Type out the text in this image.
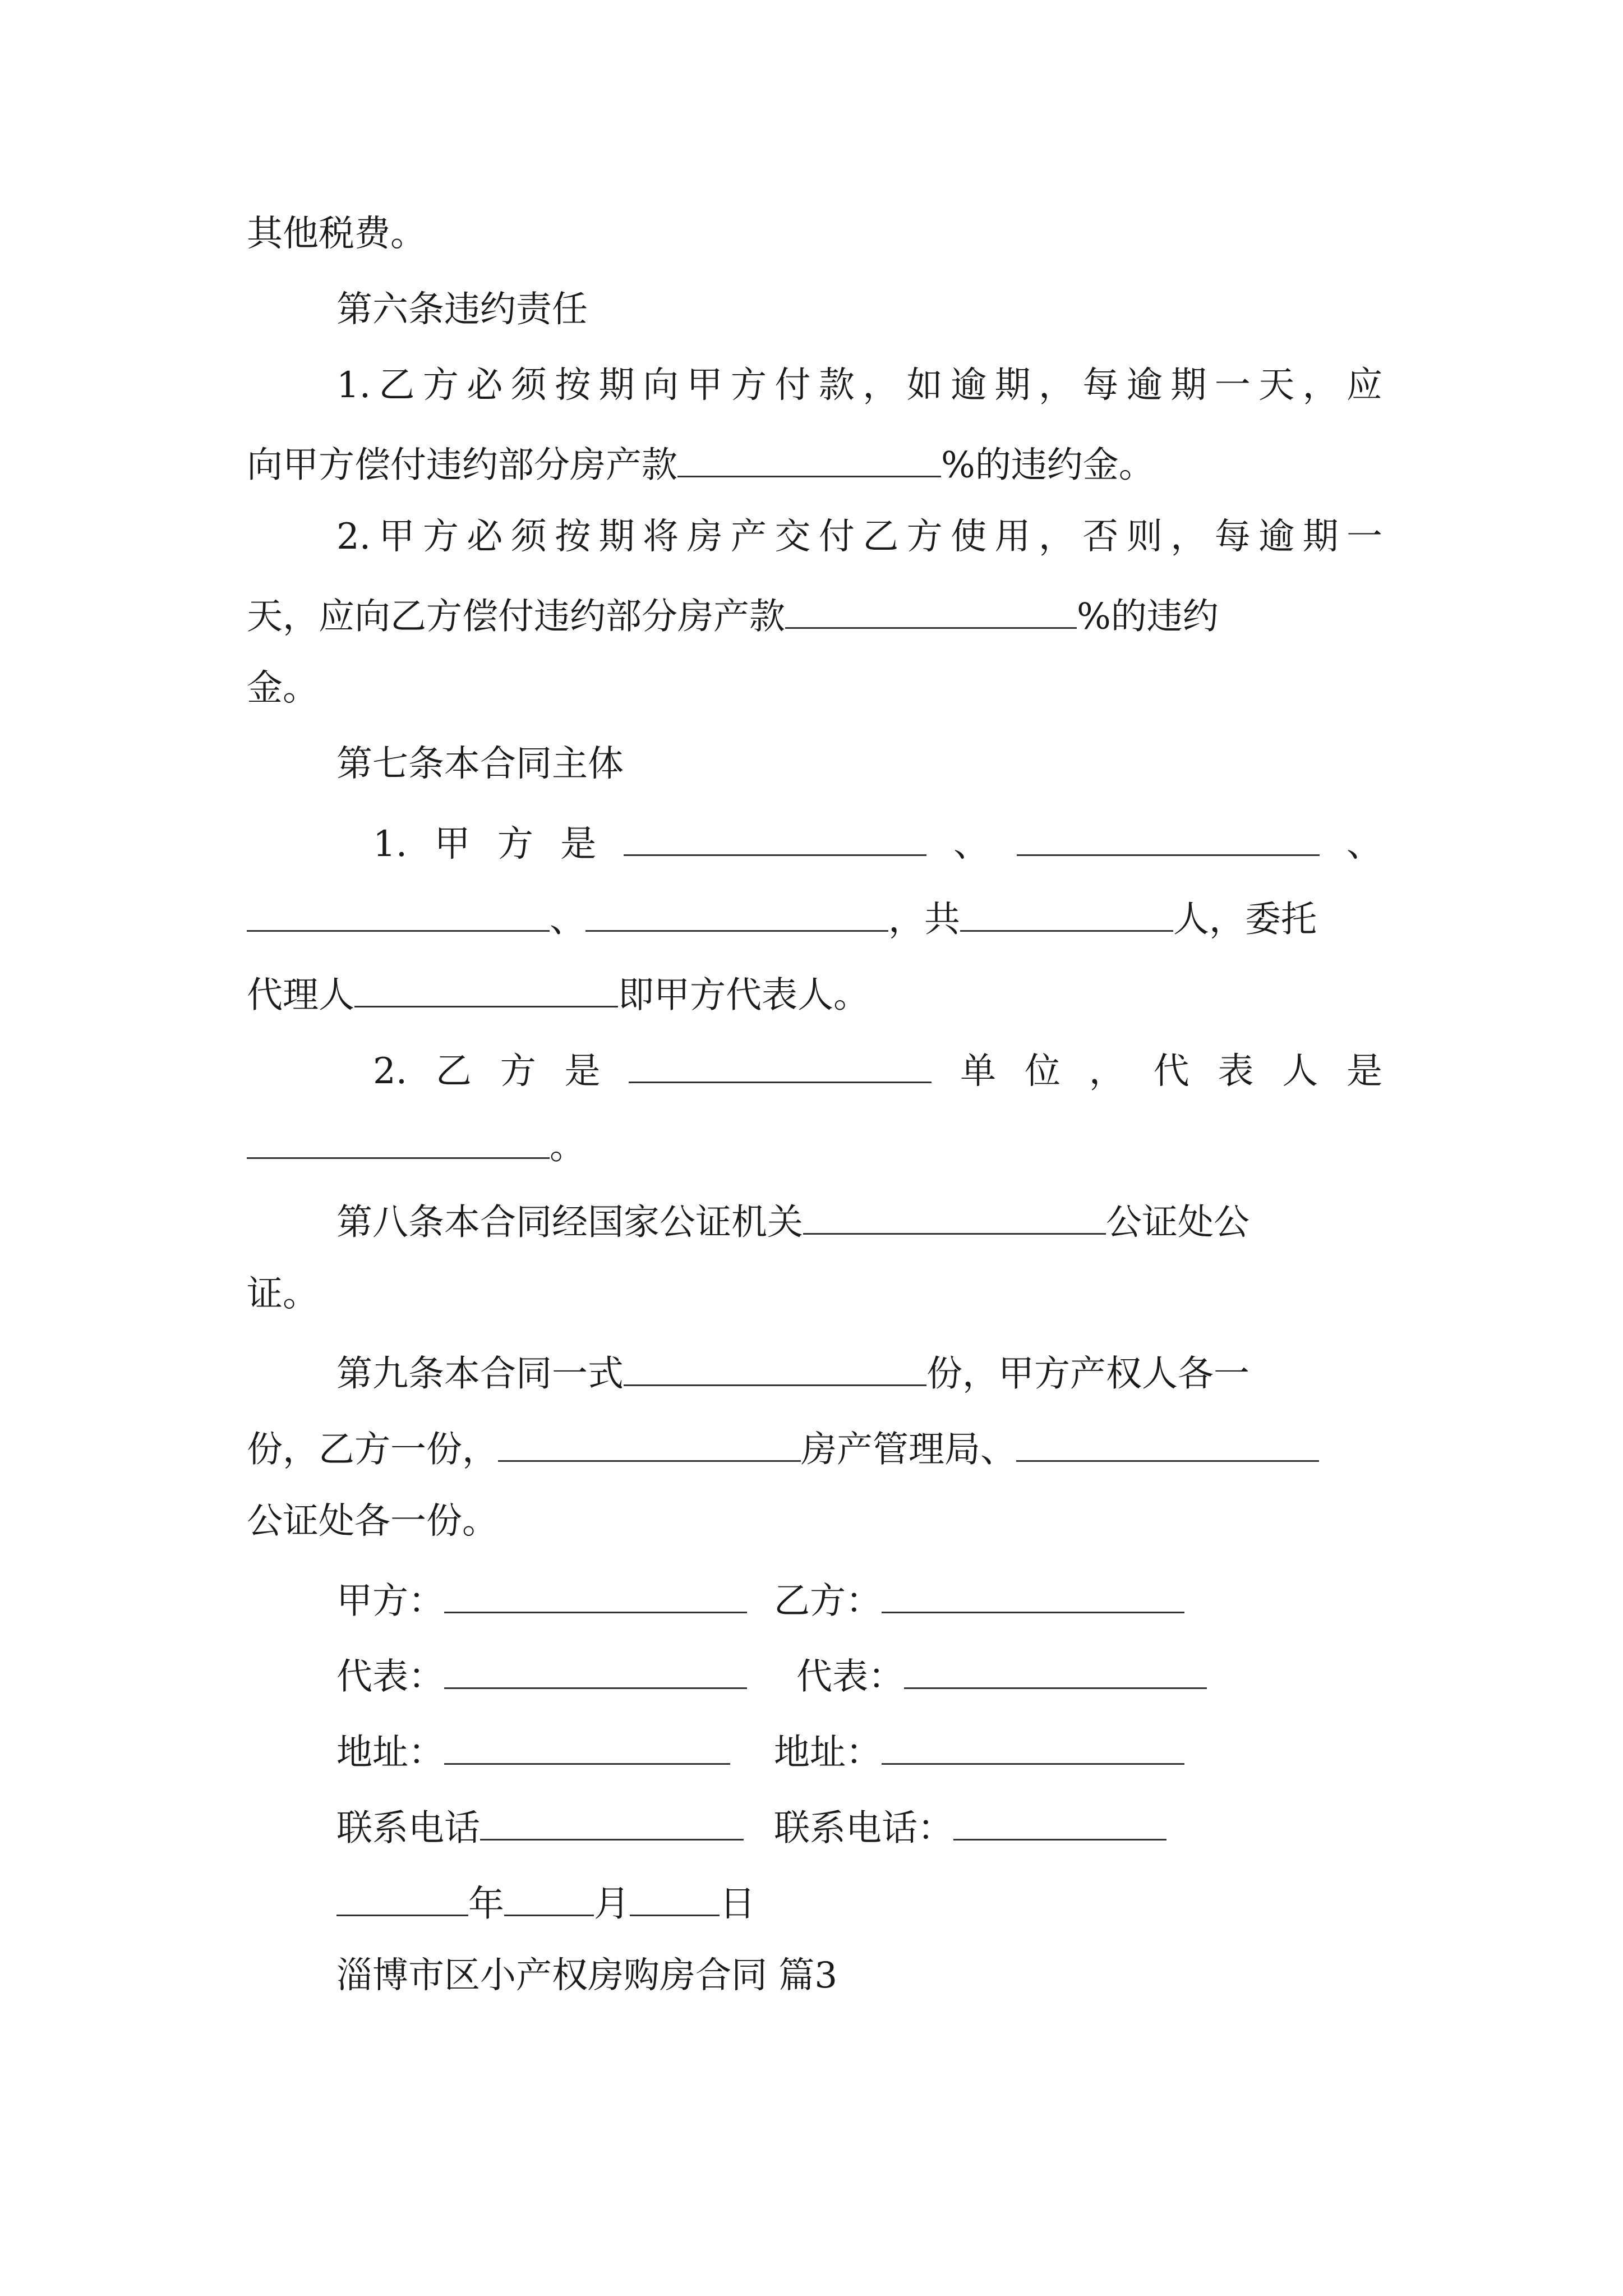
其他税费。
第六条违约责任
1.乙方必须按期向甲方付款，如逾期，每逾期一天，应
向甲方偿付违约部分房产款	%的违约金。
2.甲方必须按期将房产交付乙方使用，否则，每逾期一
天，应向乙方偿付违约部分房产款	%的违约
金。
第七条本合同主体
1. 甲 方 是	、	、
、	，共	人，委托
代理人	即甲方代表人。
2. 乙 方 是	单 位 ， 代 表 人 是
。
第八条本合同经国家公证机关	公证处公
证。
第九条本合同一式	份，甲方产权人各一
份，乙方一份，	房产管理局、
公证处各一份。
甲方：	乙方：
代表：	代表：
地址：	地址：
联系电话	联系电话：
年	月	日
淄博市区小产权房购房合同 篇3
